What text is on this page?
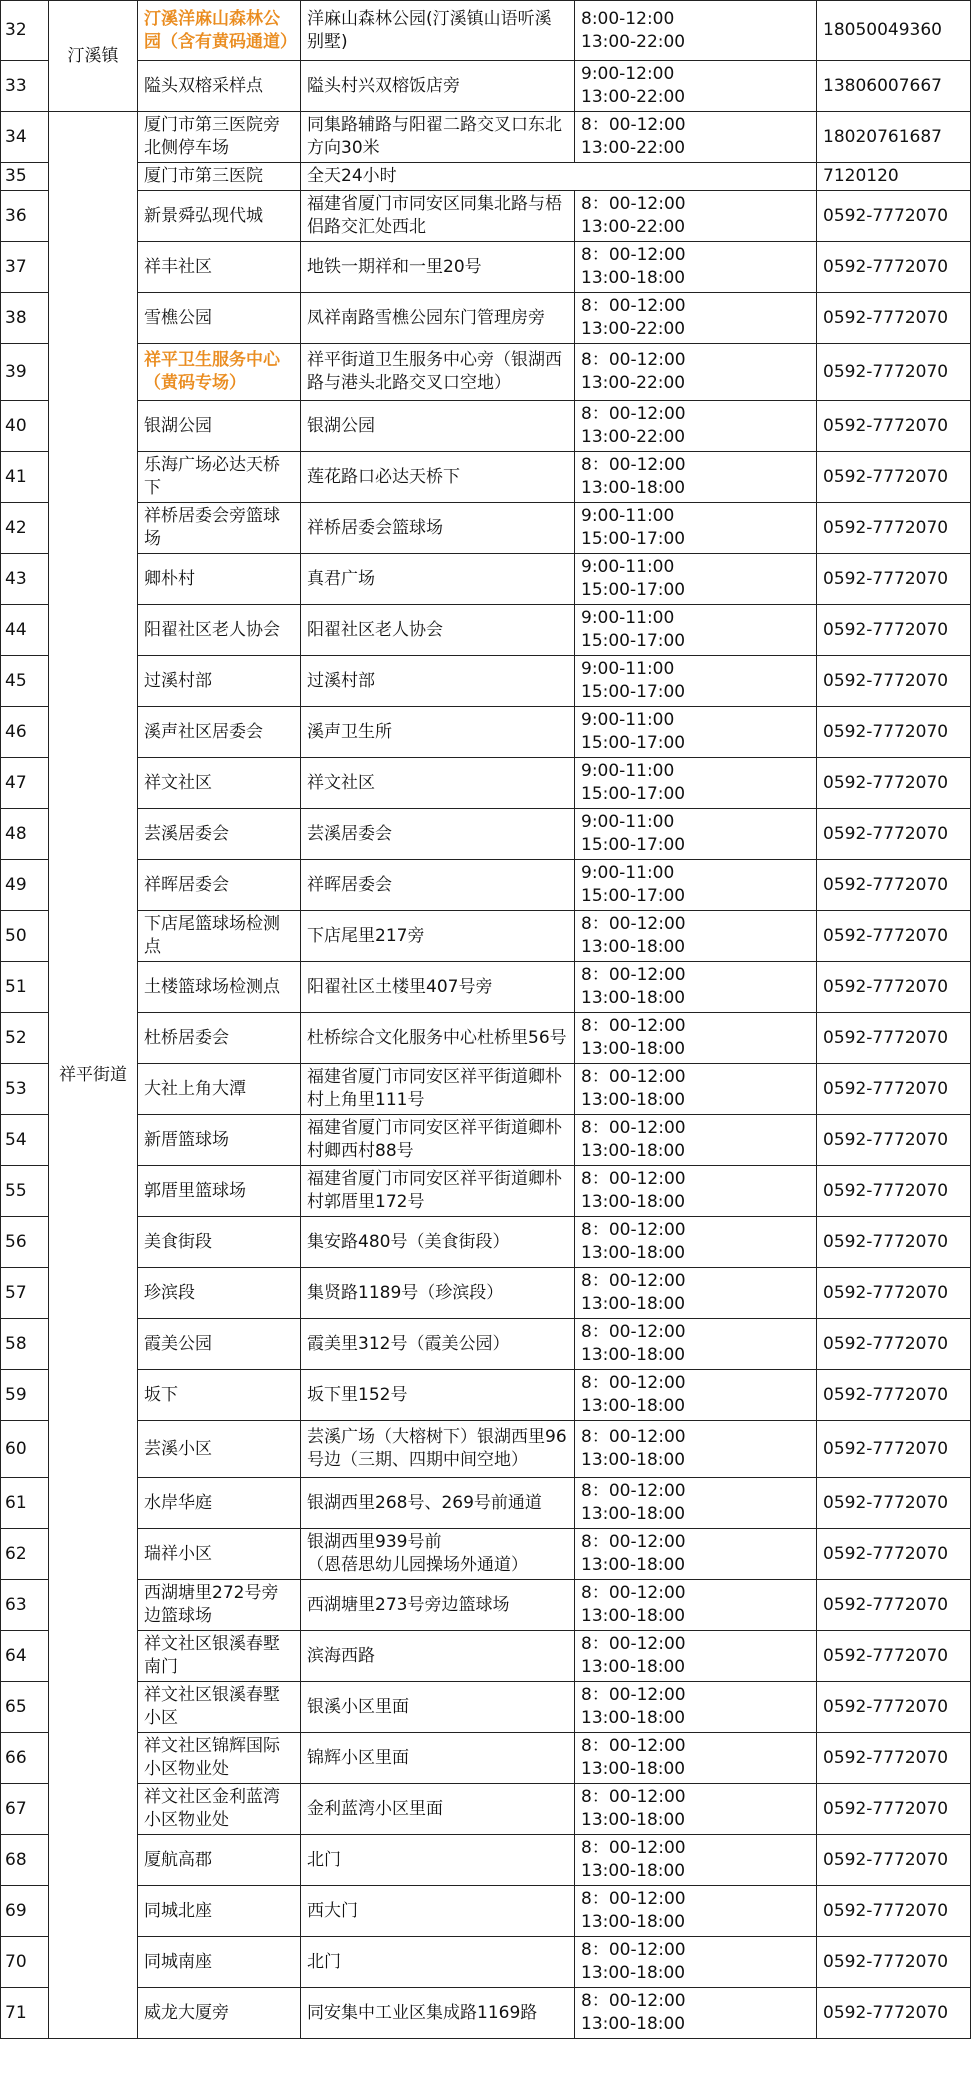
32	汀溪镇	汀溪洋麻山森林公园（含有黄码通道）	洋麻山森林公园(汀溪镇山语听溪别墅)	8:00-12:00
13:00-22:00	18050049360
33		隘头双榕采样点	隘头村兴双榕饭店旁	9:00-12:00
13:00-22:00	13806007667
34	祥平街道	厦门市第三医院旁北侧停车场	同集路辅路与阳翟二路交叉口东北方向30米	8：00-12:00
13:00-22:00	18020761687
35		厦门市第三医院	全天24小时		7120120
36		新景舜弘现代城	福建省厦门市同安区同集北路与梧侣路交汇处西北	8：00-12:00
13:00-22:00	0592-7772070
37		祥丰社区	地铁一期祥和一里20号	8：00-12:00
13:00-18:00	0592-7772070
38		雪樵公园	凤祥南路雪樵公园东门管理房旁	8：00-12:00
13:00-22:00	0592-7772070
39		祥平卫生服务中心（黄码专场）	祥平街道卫生服务中心旁（银湖西路与港头北路交叉口空地）	8：00-12:00
13:00-22:00	0592-7772070
40		银湖公园	银湖公园	8：00-12:00
13:00-22:00	0592-7772070
41		乐海广场必达天桥下	莲花路口必达天桥下	8：00-12:00
13:00-18:00	0592-7772070
42		祥桥居委会旁篮球场	祥桥居委会篮球场	9:00-11:00
15:00-17:00	0592-7772070
43		卿朴村	真君广场	9:00-11:00
15:00-17:00	0592-7772070
44		阳翟社区老人协会	阳翟社区老人协会	9:00-11:00
15:00-17:00	0592-7772070
45		过溪村部	过溪村部	9:00-11:00
15:00-17:00	0592-7772070
46		溪声社区居委会	溪声卫生所	9:00-11:00
15:00-17:00	0592-7772070
47		祥文社区	祥文社区	9:00-11:00
15:00-17:00	0592-7772070
48		芸溪居委会	芸溪居委会	9:00-11:00
15:00-17:00	0592-7772070
49		祥晖居委会	祥晖居委会	9:00-11:00
15:00-17:00	0592-7772070
50		下店尾篮球场检测点	下店尾里217旁	8：00-12:00
13:00-18:00	0592-7772070
51		土楼篮球场检测点	阳翟社区土楼里407号旁	8：00-12:00
13:00-18:00	0592-7772070
52		杜桥居委会	杜桥综合文化服务中心杜桥里56号	8：00-12:00
13:00-18:00	0592-7772070
53		大社上角大潭	福建省厦门市同安区祥平街道卿朴村上角里111号	8：00-12:00
13:00-18:00	0592-7772070
54		新厝篮球场	福建省厦门市同安区祥平街道卿朴村卿西村88号	8：00-12:00
13:00-18:00	0592-7772070
55		郭厝里篮球场	福建省厦门市同安区祥平街道卿朴村郭厝里172号	8：00-12:00
13:00-18:00	0592-7772070
56		美食街段	集安路480号（美食街段）	8：00-12:00
13:00-18:00	0592-7772070
57		珍滨段	集贤路1189号（珍滨段）	8：00-12:00
13:00-18:00	0592-7772070
58		霞美公园	霞美里312号（霞美公园）	8：00-12:00
13:00-18:00	0592-7772070
59		坂下	坂下里152号	8：00-12:00
13:00-18:00	0592-7772070
60		芸溪小区	芸溪广场（大榕树下）银湖西里96号边（三期、四期中间空地）	8：00-12:00
13:00-18:00	0592-7772070
61		水岸华庭	银湖西里268号、269号前通道	8：00-12:00
13:00-18:00	0592-7772070
62		瑞祥小区	银湖西里939号前
（恩蓓思幼儿园操场外通道）	8：00-12:00
13:00-18:00	0592-7772070
63		西湖塘里272号旁边篮球场	西湖塘里273号旁边篮球场	8：00-12:00
13:00-18:00	0592-7772070
64		祥文社区银溪春墅南门	滨海西路	8：00-12:00
13:00-18:00	0592-7772070
65		祥文社区银溪春墅小区	银溪小区里面	8：00-12:00
13:00-18:00	0592-7772070
66		祥文社区锦辉国际小区物业处	锦辉小区里面	8：00-12:00
13:00-18:00	0592-7772070
67		祥文社区金利蓝湾小区物业处	金利蓝湾小区里面	8：00-12:00
13:00-18:00	0592-7772070
68		厦航高郡	北门	8：00-12:00
13:00-18:00	0592-7772070
69		同城北座	西大门	8：00-12:00
13:00-18:00	0592-7772070
70		同城南座	北门	8：00-12:00
13:00-18:00	0592-7772070
71		威龙大厦旁	同安集中工业区集成路1169路	8：00-12:00
13:00-18:00	0592-7772070
